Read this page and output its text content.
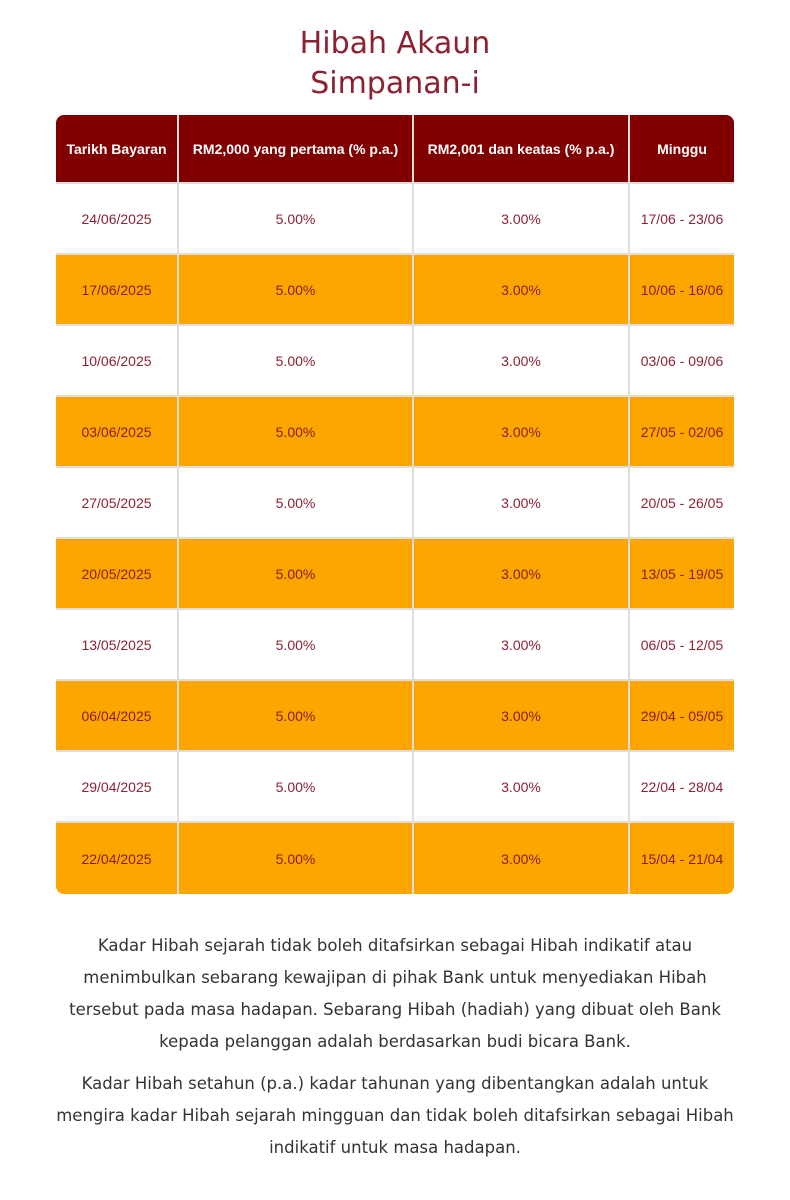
Hibah Akaun
Simpanan-i
Tarikh Bayaran	RM2,000 yang pertama (% p.a.)	RM2,001 dan keatas (% p.a.)	Minggu
24/06/2025	5.00%	3.00%	17/06 - 23/06
17/06/2025	5.00%	3.00%	10/06 - 16/06
10/06/2025	5.00%	3.00%	03/06 - 09/06
03/06/2025	5.00%	3.00%	27/05 - 02/06
27/05/2025	5.00%	3.00%	20/05 - 26/05
20/05/2025	5.00%	3.00%	13/05 - 19/05
13/05/2025	5.00%	3.00%	06/05 - 12/05
06/04/2025	5.00%	3.00%	29/04 - 05/05
29/04/2025	5.00%	3.00%	22/04 - 28/04
22/04/2025	5.00%	3.00%	15/04 - 21/04

Kadar Hibah sejarah tidak boleh ditafsirkan sebagai Hibah indikatif atau menimbulkan sebarang kewajipan di pihak Bank untuk menyediakan Hibah tersebut pada masa hadapan. Sebarang Hibah (hadiah) yang dibuat oleh Bank kepada pelanggan adalah berdasarkan budi bicara Bank.

Kadar Hibah setahun (p.a.) kadar tahunan yang dibentangkan adalah untuk mengira kadar Hibah sejarah mingguan dan tidak boleh ditafsirkan sebagai Hibah indikatif untuk masa hadapan.
